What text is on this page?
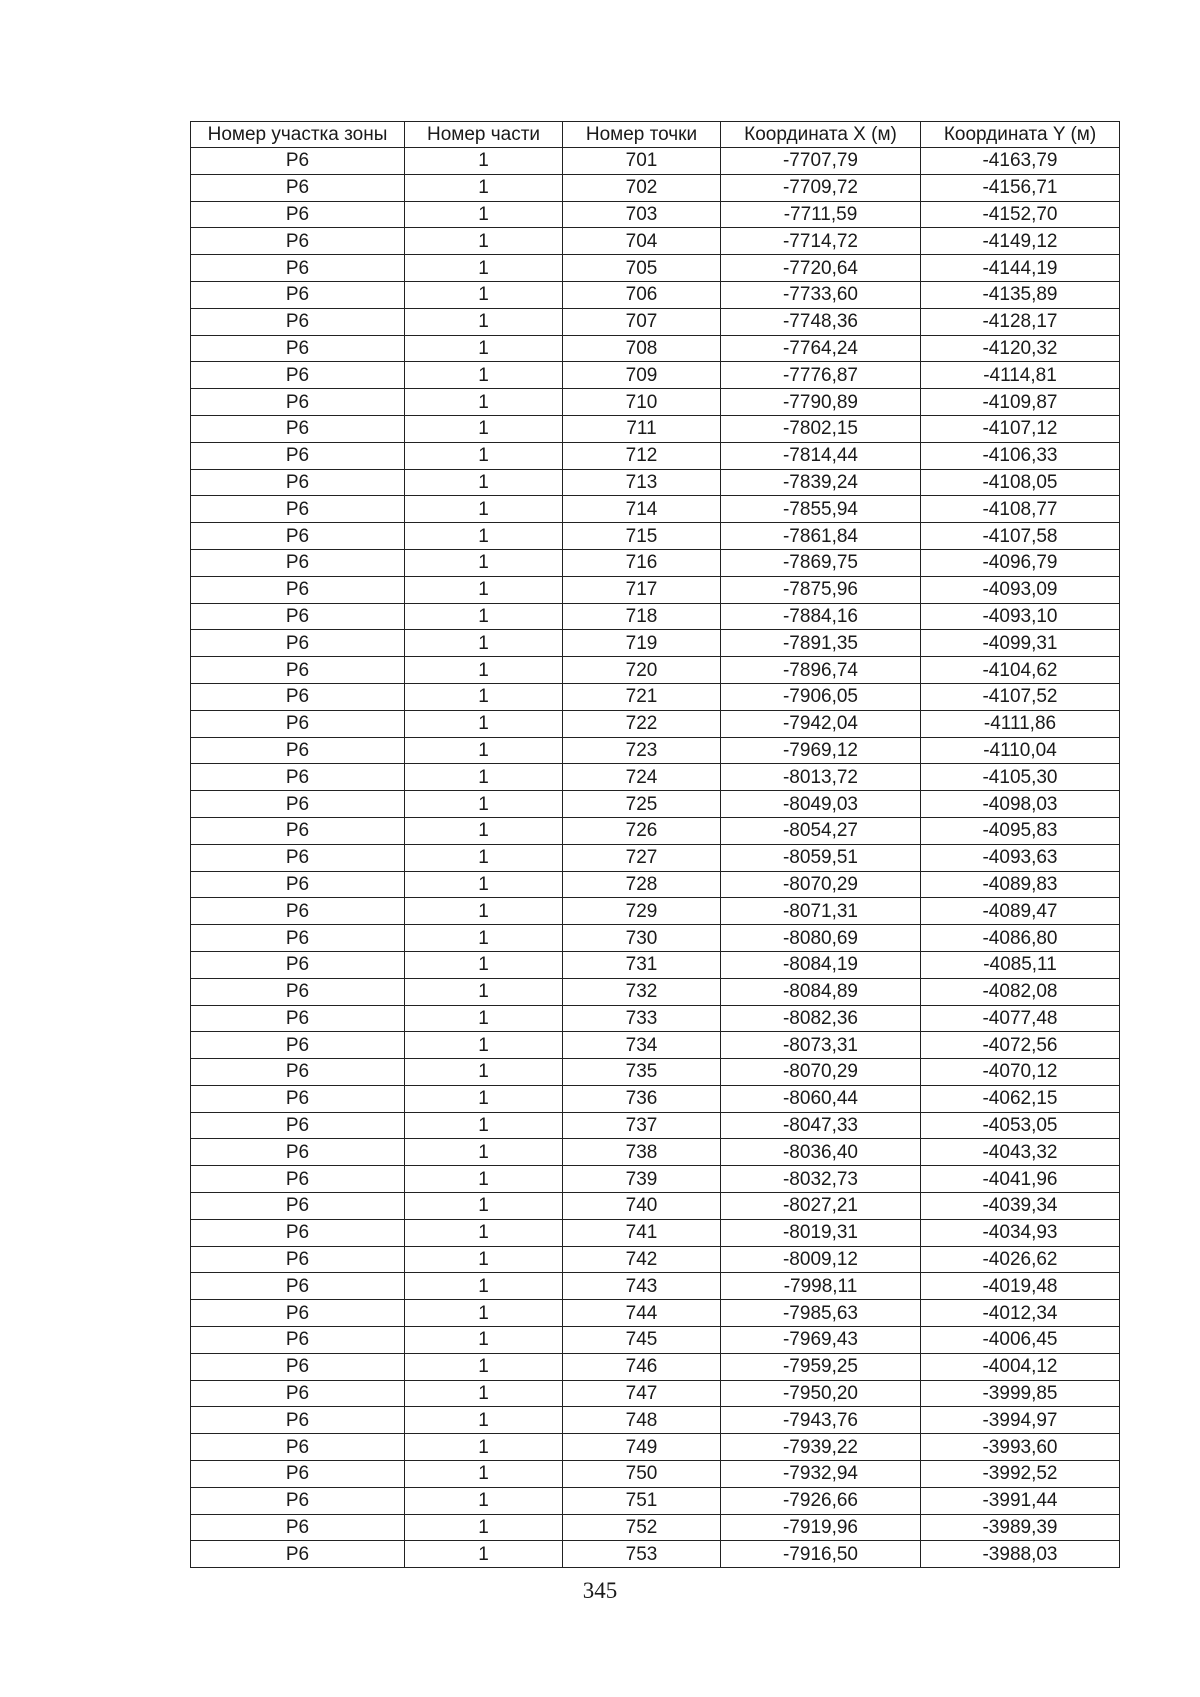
Номер участка зоны	Номер части	Номер точки	Координата X (м)	Координата Y (м)
Р6	1	701	-7707,79	-4163,79
Р6	1	702	-7709,72	-4156,71
Р6	1	703	-7711,59	-4152,70
Р6	1	704	-7714,72	-4149,12
Р6	1	705	-7720,64	-4144,19
Р6	1	706	-7733,60	-4135,89
Р6	1	707	-7748,36	-4128,17
Р6	1	708	-7764,24	-4120,32
Р6	1	709	-7776,87	-4114,81
Р6	1	710	-7790,89	-4109,87
Р6	1	711	-7802,15	-4107,12
Р6	1	712	-7814,44	-4106,33
Р6	1	713	-7839,24	-4108,05
Р6	1	714	-7855,94	-4108,77
Р6	1	715	-7861,84	-4107,58
Р6	1	716	-7869,75	-4096,79
Р6	1	717	-7875,96	-4093,09
Р6	1	718	-7884,16	-4093,10
Р6	1	719	-7891,35	-4099,31
Р6	1	720	-7896,74	-4104,62
Р6	1	721	-7906,05	-4107,52
Р6	1	722	-7942,04	-4111,86
Р6	1	723	-7969,12	-4110,04
Р6	1	724	-8013,72	-4105,30
Р6	1	725	-8049,03	-4098,03
Р6	1	726	-8054,27	-4095,83
Р6	1	727	-8059,51	-4093,63
Р6	1	728	-8070,29	-4089,83
Р6	1	729	-8071,31	-4089,47
Р6	1	730	-8080,69	-4086,80
Р6	1	731	-8084,19	-4085,11
Р6	1	732	-8084,89	-4082,08
Р6	1	733	-8082,36	-4077,48
Р6	1	734	-8073,31	-4072,56
Р6	1	735	-8070,29	-4070,12
Р6	1	736	-8060,44	-4062,15
Р6	1	737	-8047,33	-4053,05
Р6	1	738	-8036,40	-4043,32
Р6	1	739	-8032,73	-4041,96
Р6	1	740	-8027,21	-4039,34
Р6	1	741	-8019,31	-4034,93
Р6	1	742	-8009,12	-4026,62
Р6	1	743	-7998,11	-4019,48
Р6	1	744	-7985,63	-4012,34
Р6	1	745	-7969,43	-4006,45
Р6	1	746	-7959,25	-4004,12
Р6	1	747	-7950,20	-3999,85
Р6	1	748	-7943,76	-3994,97
Р6	1	749	-7939,22	-3993,60
Р6	1	750	-7932,94	-3992,52
Р6	1	751	-7926,66	-3991,44
Р6	1	752	-7919,96	-3989,39
Р6	1	753	-7916,50	-3988,03
345
